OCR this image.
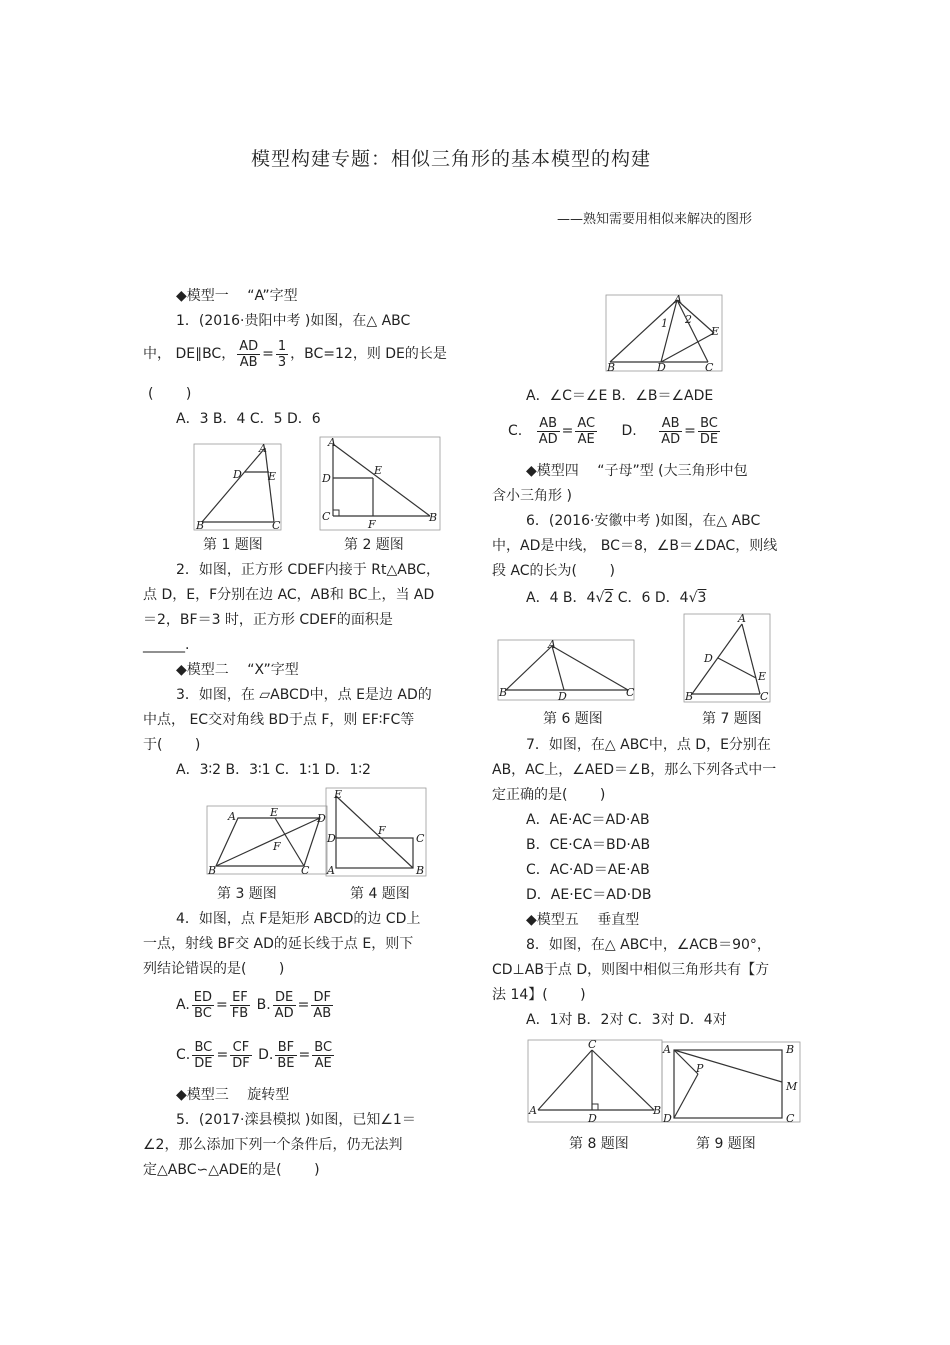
模型构建专题：相似三角形的基本模型的构建
——熟知需要用相似来解决的图形
◆模型一　 “A”字型
1．(2016·贵阳中考 )如图，在△ ABC
中， DE∥BC， $\frac{AD}{AB} = \frac{1}{3}$ ，BC=12，则 DE的长是
(　　 )
A．3 B．4 C．5 D．6
A
D E
B	C
A
E
D
C
F
B
第 1 题图	第 2 题图
2．如图，正方形 CDEF内接于 Rt△ABC，
点 D，E，F分别在边 AC，AB和 BC上，当 AD
＝2，BF＝3 时，正方形 CDEF的面积是
______.
◆模型二　 “X”字型
3．如图，在 ▱ABCD中，点 E是边 AD的
中点， EC交对角线 BD于点 F，则 EF∶FC等
于(　　 )
A．3∶2 B．3∶1 C．1∶1 D．1∶2
A	E	D
F
B	C
E
F
A
D	C
B
第 3 题图	第 4 题图
4．如图，点 F是矩形 ABCD的边 CD上
一点，射线 BF交 AD的延长线于点 E，则下
列结论错误的是(　　 )
A. $\frac{ED}{BC} = \frac{EF}{FB} B$. $\frac{DE}{AD} = \frac{DF}{AB}$
C. $\frac{BC}{DE} = \frac{CF}{DF} D$. $\frac{BF}{BE} = \frac{BC}{AE}$
◆模型三　 旋转型
5．(2017·滦县模拟 )如图，已知∠1＝
∠2，那么添加下列一个条件后，仍无法判
定△ABC∽△ADE的是(　　 )
A
1 2
E
B	D	C
A．∠C＝∠E B．∠B＝∠ADE
C. $\frac{AB}{AD} = \frac{AC}{AE} D$. $\frac{AB}{AD} = \frac{BC}{DE}$
◆模型四　 “子母”型 (大三角形中包
含小三角形 )
6．(2016·安徽中考 )如图，在△ ABC
中，AD是中线， BC＝8，∠B＝∠DAC，则线
段 AC的长为(　　 )
A．4 B．4√2 C．6 D．4√3
A
B	D	C
A
D
E
B	C
第 6 题图	第 7 题图
7．如图，在△ ABC中，点 D，E分别在
AB，AC上，∠AED＝∠B，那么下列各式中一
定正确的是(　　 )
A．AE·AC＝AD·AB
B．CE·CA＝BD·AB
C．AC·AD＝AE·AB
D．AE·EC＝AD·DB
◆模型五　 垂直型
8．如图，在△ ABC中，∠ACB＝90°，
CD⊥AB于点 D，则图中相似三角形共有【方
法 14】(　　 )
A．1对 B．2对 C．3对 D．4对
C
A
D
B
A	B
P
M
D	C
第 8 题图	第 9 题图
